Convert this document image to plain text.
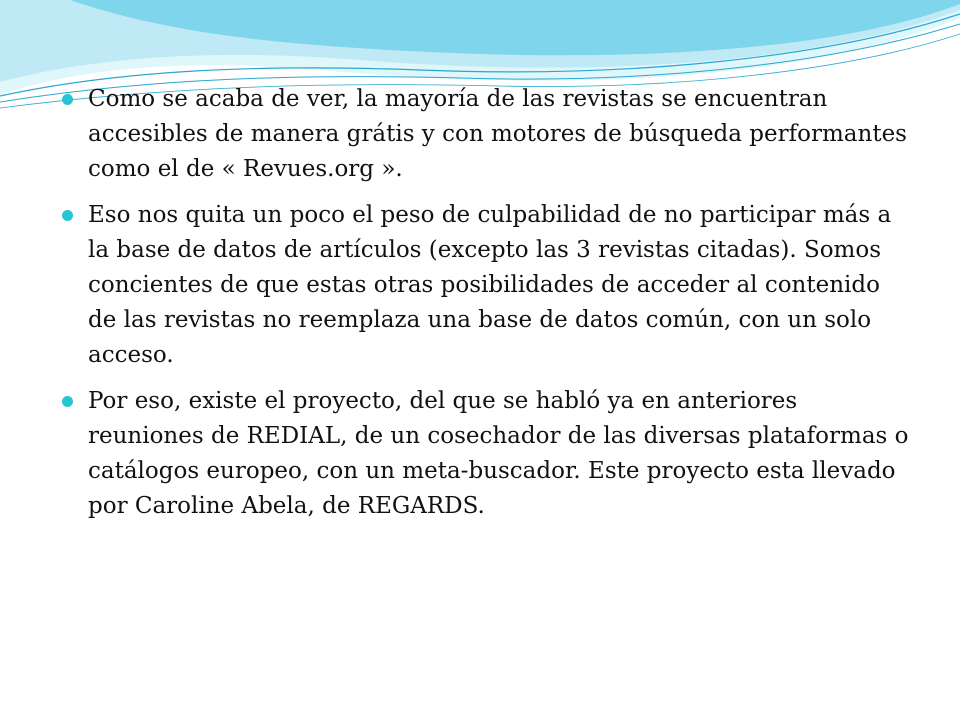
Como se acaba de ver, la mayoría de las revistas se encuentran accesibles de manera grátis y con motores de búsqueda performantes como el de « Revues.org ».
Eso nos quita un poco el peso de culpabilidad de no participar más a la base de datos de artículos (excepto las 3 revistas citadas). Somos concientes de que estas otras posibilidades de acceder al contenido de las revistas no reemplaza una base de datos común, con un solo acceso.
Por eso, existe el proyecto, del que se habló ya en anteriores reuniones de REDIAL, de un cosechador de las diversas plataformas o catálogos europeo, con un meta-buscador. Este proyecto esta llevado por Caroline Abela, de REGARDS.
